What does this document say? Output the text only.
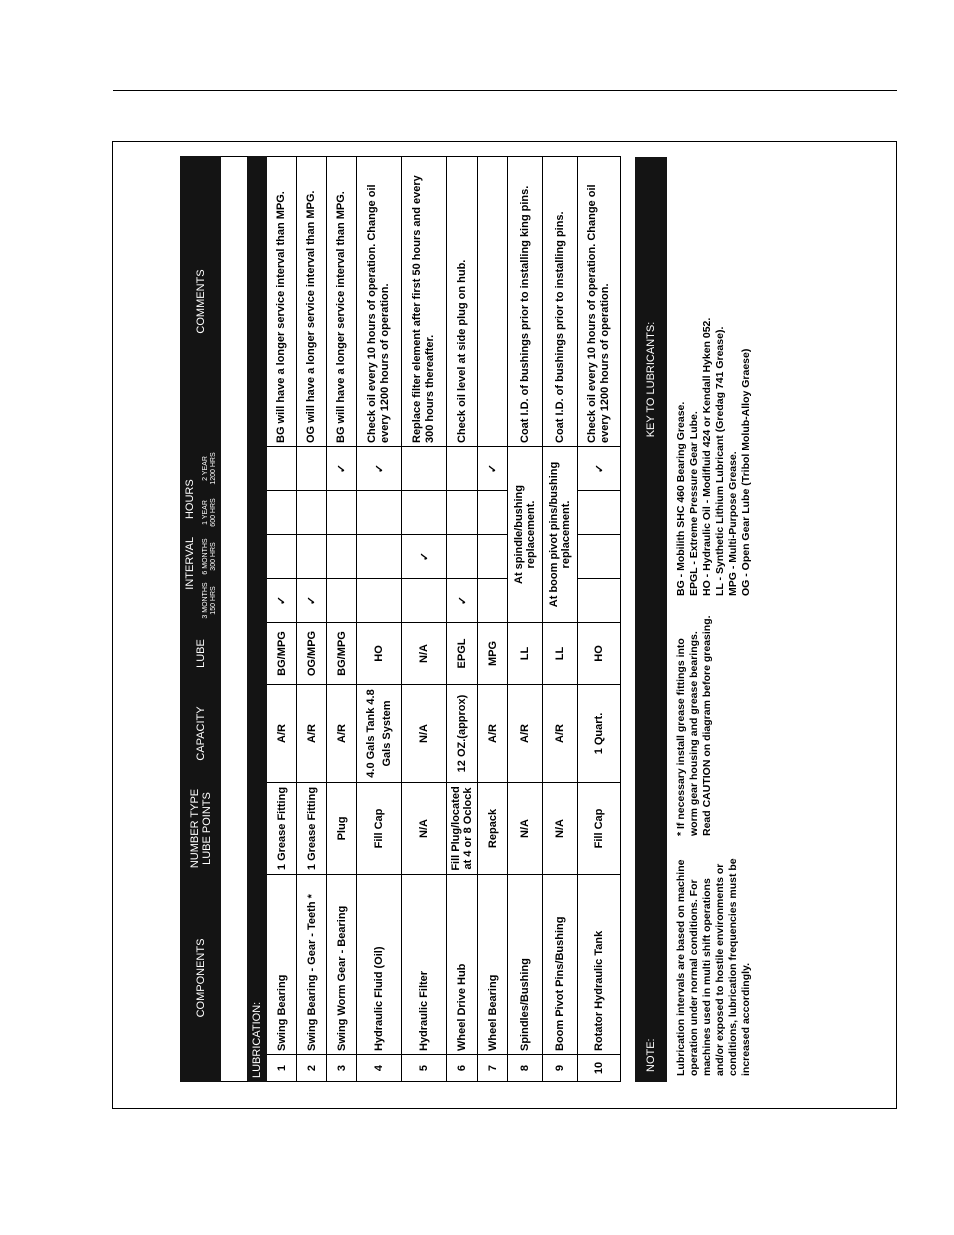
COMPONENTS		NUMBER TYPE LUBE POINTS	CAPACITY	LUBE	INTERVAL      HOURS				COMMENTS
					3 MONTHS 150 HRS	6 MONTHS 300 HRS	1 YEAR 600 HRS	2 YEAR 1200 HRS	

LUBRICATION:									
1	Swing Bearing	1 Grease Fitting	A/R	BG/MPG	✓				BG will have a longer service interval than MPG.
2	Swing Bearing - Gear - Teeth *	1 Grease Fitting	A/R	OG/MPG	✓				OG will have a longer service interval than MPG.
3	Swing Worm Gear - Bearing	Plug	A/R	BG/MPG				✓	BG will have a longer service interval than MPG.
4	Hydraulic Fluid (Oil)	Fill Cap	4.0 Gals Tank 4.8 Gals System	HO				✓	Check oil every 10 hours of operation. Change oil every 1200 hours of operation.
5	Hydraulic Filter	N/A	N/A	N/A		✓			Replace filter element after first 50 hours and every 300 hours thereafter.
6	Wheel Drive Hub	Fill Plug/located at 4 or 8 Oclock	12 OZ.(approx)	EPGL	✓				Check oil level at side plug on hub.
7	Wheel Bearing	Repack	A/R	MPG				✓	
8	Spindles/Bushing	N/A	A/R	LL	At spindle/bushing replacement.				Coat I.D. of bushings prior to installing king pins.
9	Boom Pivot Pins/Bushing	N/A	A/R	LL	At boom pivot pins/bushing replacement.				Coat I.D. of bushings prior to installing pins.
10	Rotator Hydraulic Tank	Fill Cap	1 Quart.	HO				✓	Check oil every 10 hours of operation. Change oil every 1200 hours of operation.
NOTE:	KEY TO LUBRICANTS:

Lubrication intervals are based on machine operation under normal conditions. For machines used in multi shift operations and/or exposed to hostile environments or conditions, lubrication frequencies must be increased accordingly.	* If necessary install grease fittings into worm gear housing and grease bearings. Read CAUTION on diagram before greasing.

BG - Mobilith SHC 460 Bearing Grease. EPGL - Extreme Pressure Gear Lube. HO - Hydraulic Oil - Modifluid 424 or Kendall Hyken 052. LL - Synthetic Lithium Lubricant (Gredag 741 Grease). MPG - Multi-Purpose Grease. OG - Open Gear Lube (Tribol Molub-Alloy Graese)
